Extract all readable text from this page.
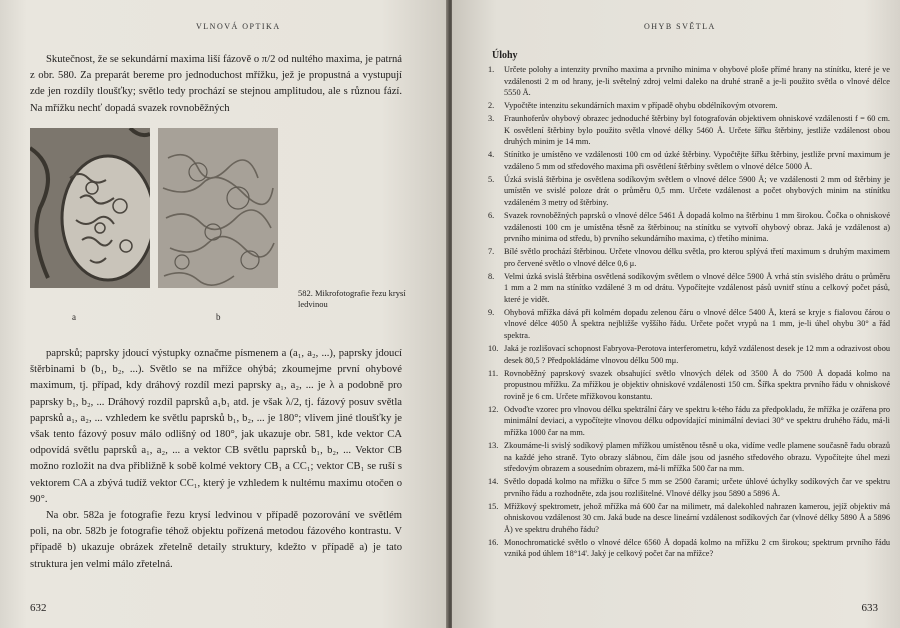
VLNOVÁ OPTIKA

Skutečnost, že se sekundární maxima liší fázově o π/2 od nultého maxima, je patrná z obr. 580. Za preparát bereme pro jednoduchost mřížku, jež je propustná a vystupují zde jen rozdíly tloušťky; světlo tedy prochází se stejnou amplitudou, ale s různou fází. Na mřížku nechť dopadá svazek rovnoběžných

a	b
582. Mikrofotografie řezu krysí ledvinou

paprsků; paprsky jdoucí výstupky označme písmenem a (a₁, a₂, ...), paprsky jdoucí štěrbinami b (b₁, b₂, ...). Světlo se na mřížce ohýbá; zkoumejme první ohybové maximum, tj. případ, kdy dráhový rozdíl mezi paprsky a₁, a₂, ... je λ a podobně pro paprsky b₁, b₂, ... Dráhový rozdíl paprsků a₁b₁ atd. je však λ/2, tj. fázový posuv světla paprsků a₁, a₂, ... vzhledem ke světlu paprsků b₁, b₂, ... je 180°; vlivem jiné tloušťky je však tento fázový posuv málo odlišný od 180°, jak ukazuje obr. 581, kde vektor CA odpovídá světlu paprsků a₁, a₂, ... a vektor CB světlu paprsků b₁, b₂, ... Vektor CB možno rozložit na dva přibližně k sobě kolmé vektory CB₁ a CC₁; vektor CB₁ se ruší s vektorem CA a zbývá tudíž vektor CC₁, který je vzhledem k nultému maximu otočen o 90°.

Na obr. 582a je fotografie řezu krysí ledvinou v případě pozorování ve světlém poli, na obr. 582b je fotografie téhož objektu pořízená metodou fázového kontrastu. V případě b) ukazuje obrázek zřetelně detaily struktury, kdežto v případě a) je tato struktura jen velmi málo zřetelná.

632
OHYB SVĚTLA
Úlohy
1.	Určete polohy a intenzity prvního maxima a prvního minima v ohybové ploše přímé hrany na stínítku, které je ve vzdálenosti 2 m od hrany, je-li světelný zdroj velmi daleko na druhé straně a je-li použito světla o vlnové délce 5550 Å.
2.	Vypočtěte intenzitu sekundárních maxim v případě ohybu obdélníkovým otvorem.
3.	Fraunhoferův ohybový obrazec jednoduché štěrbiny byl fotografován objektivem ohniskové vzdálenosti f = 60 cm. K osvětlení štěrbiny bylo použito světla vlnové délky 5460 Å. Určete šířku štěrbiny, jestliže vzdálenost obou druhých minim je 14 mm.
4.	Stínítko je umístěno ve vzdálenosti 100 cm od úzké štěrbiny. Vypočtějte šířku štěrbiny, jestliže první maximum je vzdáleno 5 mm od středového maxima při osvětlení štěrbiny světlem o vlnové délce 5000 Å.
5.	Úzká svislá štěrbina je osvětlena sodíkovým světlem o vlnové délce 5900 Å; ve vzdálenosti 2 mm od štěrbiny je umístěn ve svislé poloze drát o průměru 0,5 mm. Určete vzdálenost a počet ohybových minim na stínítku vzdáleném 3 metry od štěrbiny.
6.	Svazek rovnoběžných paprsků o vlnové délce 5461 Å dopadá kolmo na štěrbinu 1 mm širokou. Čočka o ohniskové vzdálenosti 100 cm je umístěna těsně za štěrbinou; na stínítku se vytvoří ohybový obraz. Jaká je vzdálenost a) prvního minima od středu, b) prvního sekundárního maxima, c) třetího minima.
7.	Bílé světlo prochází štěrbinou. Určete vlnovou délku světla, pro kterou splývá třetí maximum s druhým maximem pro červené světlo o vlnové délce 0,6 μ.
8.	Velmi úzká svislá štěrbina osvětlená sodíkovým světlem o vlnové délce 5900 Å vrhá stín svislého drátu o průměru 1 mm a 2 mm na stínítko vzdálené 3 m od drátu. Vypočítejte vzdálenost pásů uvnitř stínu a celkový počet pásů, které je vidět.
9.	Ohybová mřížka dává při kolmém dopadu zelenou čáru o vlnové délce 5400 Å, která se kryje s fialovou čárou o vlnové délce 4050 Å spektra nejbližše vyššího řádu. Určete počet vrypů na 1 mm, je-li úhel ohybu 30° a řád spektra.
10. Jaká je rozlišovací schopnost Fabryova-Perotova interferometru, když vzdálenost desek je 12 mm a odrazivost obou desek 80,5 ? Předpokládáme vlnovou délku 500 mμ.
11. Rovnoběžný paprskový svazek obsahující světlo vlnových délek od 3500 Å do 7500 Å dopadá kolmo na propustnou mřížku. Za mřížkou je objektiv ohniskové vzdálenosti 150 cm. Šířka spektra prvního řádu v ohniskové rovině je 6 cm. Určete mřížkovou konstantu.
12. Odvoďte vzorec pro vlnovou délku spektrální čáry ve spektru k-tého řádu za předpokladu, že mřížka je ozářena pro minimální deviaci, a vypočítejte vlnovou délku odpovídající minimální deviaci 30° ve spektru druhého řádu, má-li mřížka 1000 čar na mm.
13. Zkoumáme-li svislý sodíkový plamen mřížkou umístěnou těsně u oka, vidíme vedle plamene současně řadu obrazů na každé jeho straně. Tyto obrazy slábnou, čím dále jsou od jasného středového obrazu. Vypočítejte úhel mezi středovým obrazem a sousedním obrazem, má-li mřížka 500 čar na mm.
14. Světlo dopadá kolmo na mřížku o šířce 5 mm se 2500 čarami; určete úhlové úchylky sodíkových čar ve spektru prvního řádu a rozhodněte, zda jsou rozlišitelné. Vlnové délky jsou 5890 a 5896 Å.
15. Mřížkový spektrometr, jehož mřížka má 600 čar na milimetr, má dalekohled nahrazen kamerou, jejíž objektiv má ohniskovou vzdálenost 30 cm. Jaká bude na desce lineární vzdálenost sodíkových čar (vlnové délky 5890 Å a 5896 Å) ve spektru druhého řádu?
16. Monochromatické světlo o vlnové délce 6560 Å dopadá kolmo na mřížku 2 cm širokou; spektrum prvního řádu vzniká pod úhlem 18°14'. Jaký je celkový počet čar na mřížce?
633
